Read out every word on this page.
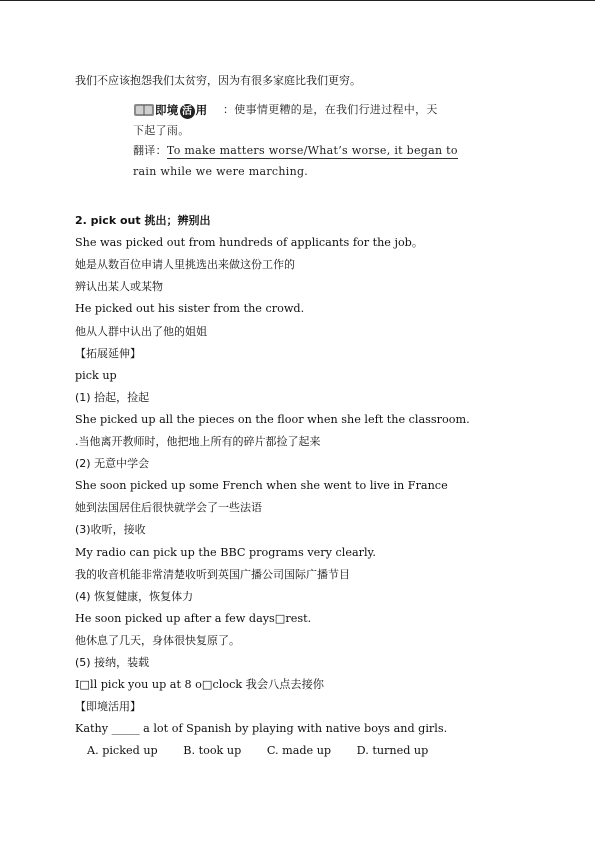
我们不应该抱怨我们太贫穷，因为有很多家庭比我们更穷。
即境 活 用 ：使事情更糟的是，在我们行进过程中，天
下起了雨。
翻译：To make matters worse/What’s worse, it began to
rain while we were marching.
2. pick out 挑出；辨别出
She was picked out from hundreds of applicants for the job。
她是从数百位申请人里挑选出来做这份工作的
辨认出某人或某物
He picked out his sister from the crowd.
他从人群中认出了他的姐姐
【拓展延伸】
pick up
(1) 拾起，捡起
She picked up all the pieces on the floor when she left the classroom.
.当他离开教师时，他把地上所有的碎片都捡了起来
(2) 无意中学会
She soon picked up some French when she went to live in France
她到法国居住后很快就学会了一些法语
(3)收听，接收
My radio can pick up the BBC programs very clearly.
我的收音机能非常清楚收听到英国广播公司国际广播节目
(4) 恢复健康，恢复体力
He soon picked up after a few days□rest.
他休息了几天，身体很快复原了。
(5) 接纳，装载
I□ll pick you up at 8 o□clock 我会八点去接你
【即境活用】
Kathy _____ a lot of Spanish by playing with native boys and girls.
A. picked up B. took up C. made up D. turned up
